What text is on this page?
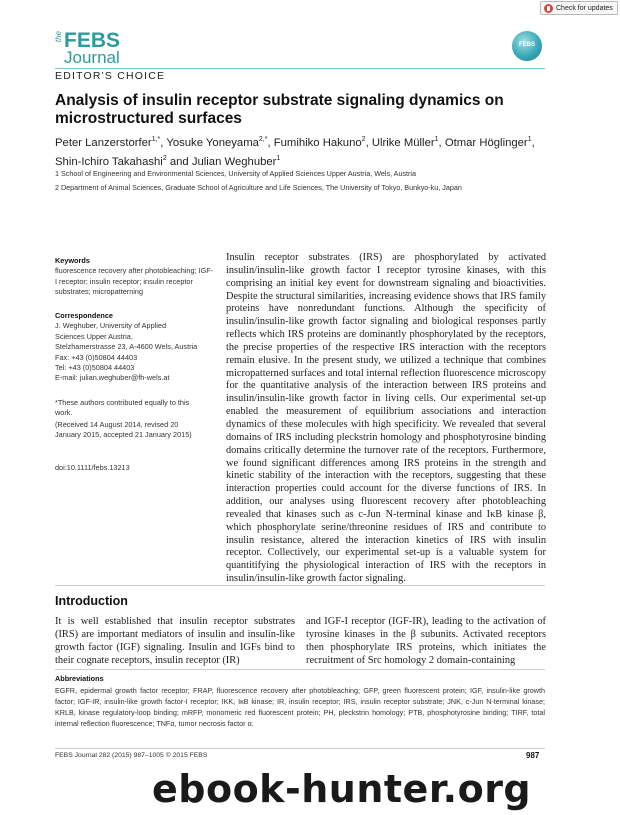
Check for updates
the FEBS
Journal
FEBS
EDITOR'S CHOICE
Analysis of insulin receptor substrate signaling dynamics on microstructured surfaces
Peter Lanzerstorfer$^{1,*}$, Yosuke Yoneyama$^{2,*}$, Fumihiko Hakuno$^2$, Ulrike Müller$^1$, Otmar Höglinger$^1$, Shin-Ichiro Takahashi$^2$ and Julian Weghuber$^1$
1 School of Engineering and Environmental Sciences, University of Applied Sciences Upper Austria, Wels, Austria
2 Department of Animal Sciences, Graduate School of Agriculture and Life Sciences, The University of Tokyo, Bunkyo-ku, Japan
Keywords

fluorescence recovery after photobleaching; IGF-I receptor; insulin receptor; insulin receptor substrates; micropatterning

Correspondence

J. Weghuber, University of Applied

Sciences Upper Austria,

Stelzhamerstrasse 23, A-4600 Wels, Austria

Fax: +43 (0)50804 44403

Tel: +43 (0)50804 44403

E-mail: julian.weghuber@fh-wels.at

*These authors contributed equally to this work.
(Received 14 August 2014, revised 20 January 2015, accepted 21 January 2015)
doi:10.1111/febs.13213
Insulin receptor substrates (IRS) are phosphorylated by activated insulin/insulin-like growth factor I receptor tyrosine kinases, with this comprising an initial key event for downstream signaling and bioactivities. Despite the structural similarities, increasing evidence shows that IRS family proteins have nonredundant functions. Although the specificity of insulin/insulin-like growth factor signaling and biological responses partly reflects which IRS proteins are dominantly phosphorylated by the receptors, the precise properties of the respective IRS interaction with the receptors remain elusive. In the present study, we utilized a technique that combines micropatterned surfaces and total internal reflection fluorescence microscopy for the quantitative analysis of the interaction between IRS proteins and insulin/insulin-like growth factor in living cells. Our experimental set-up enabled the measurement of equilibrium associations and interaction dynamics of these molecules with high specificity. We revealed that several domains of IRS including pleckstrin homology and phosphotyrosine binding domains critically determine the turnover rate of the receptors. Furthermore, we found significant differences among IRS proteins in the strength and kinetic stability of the interaction with the receptors, suggesting that these interaction properties could account for the diverse functions of IRS. In addition, our analyses using fluorescent recovery after photobleaching revealed that kinases such as c-Jun N-terminal kinase and IκB kinase β, which phosphorylate serine/threonine residues of IRS and contribute to insulin resistance, altered the interaction kinetics of IRS with insulin receptor. Collectively, our experimental set-up is a valuable system for quantitifying the physiological interaction of IRS with the receptors in insulin/insulin-like growth factor signaling.
Introduction
It is well established that insulin receptor substrates (IRS) are important mediators of insulin and insulin-like growth factor (IGF) signaling. Insulin and IGFs bind to their cognate receptors, insulin receptor (IR)
and IGF-I receptor (IGF-IR), leading to the activation of tyrosine kinases in the β subunits. Activated receptors then phosphorylate IRS proteins, which initiates the recruitment of Src homology 2 domain-containing
Abbreviations
EGFR, epidermal growth factor receptor; FRAP, fluorescence recovery after photobleaching; GFP, green fluorescent protein; IGF, insulin-like growth factor; IGF-IR, insulin-like growth factor-I receptor; IKK, IκB kinase; IR, insulin receptor; IRS, insulin receptor substrate; JNK, c-Jun N-terminal kinase; KRLB, kinase regulatory-loop binding; mRFP, monomeric red fluorescent protein; PH, pleckstrin homology; PTB, phosphotyrosine binding; TIRF, total internal reflection fluorescence; TNFα, tumor necrosis factor α.
FEBS Journal 282 (2015) 987–1005 © 2015 FEBS	987
ebook-hunter.org
